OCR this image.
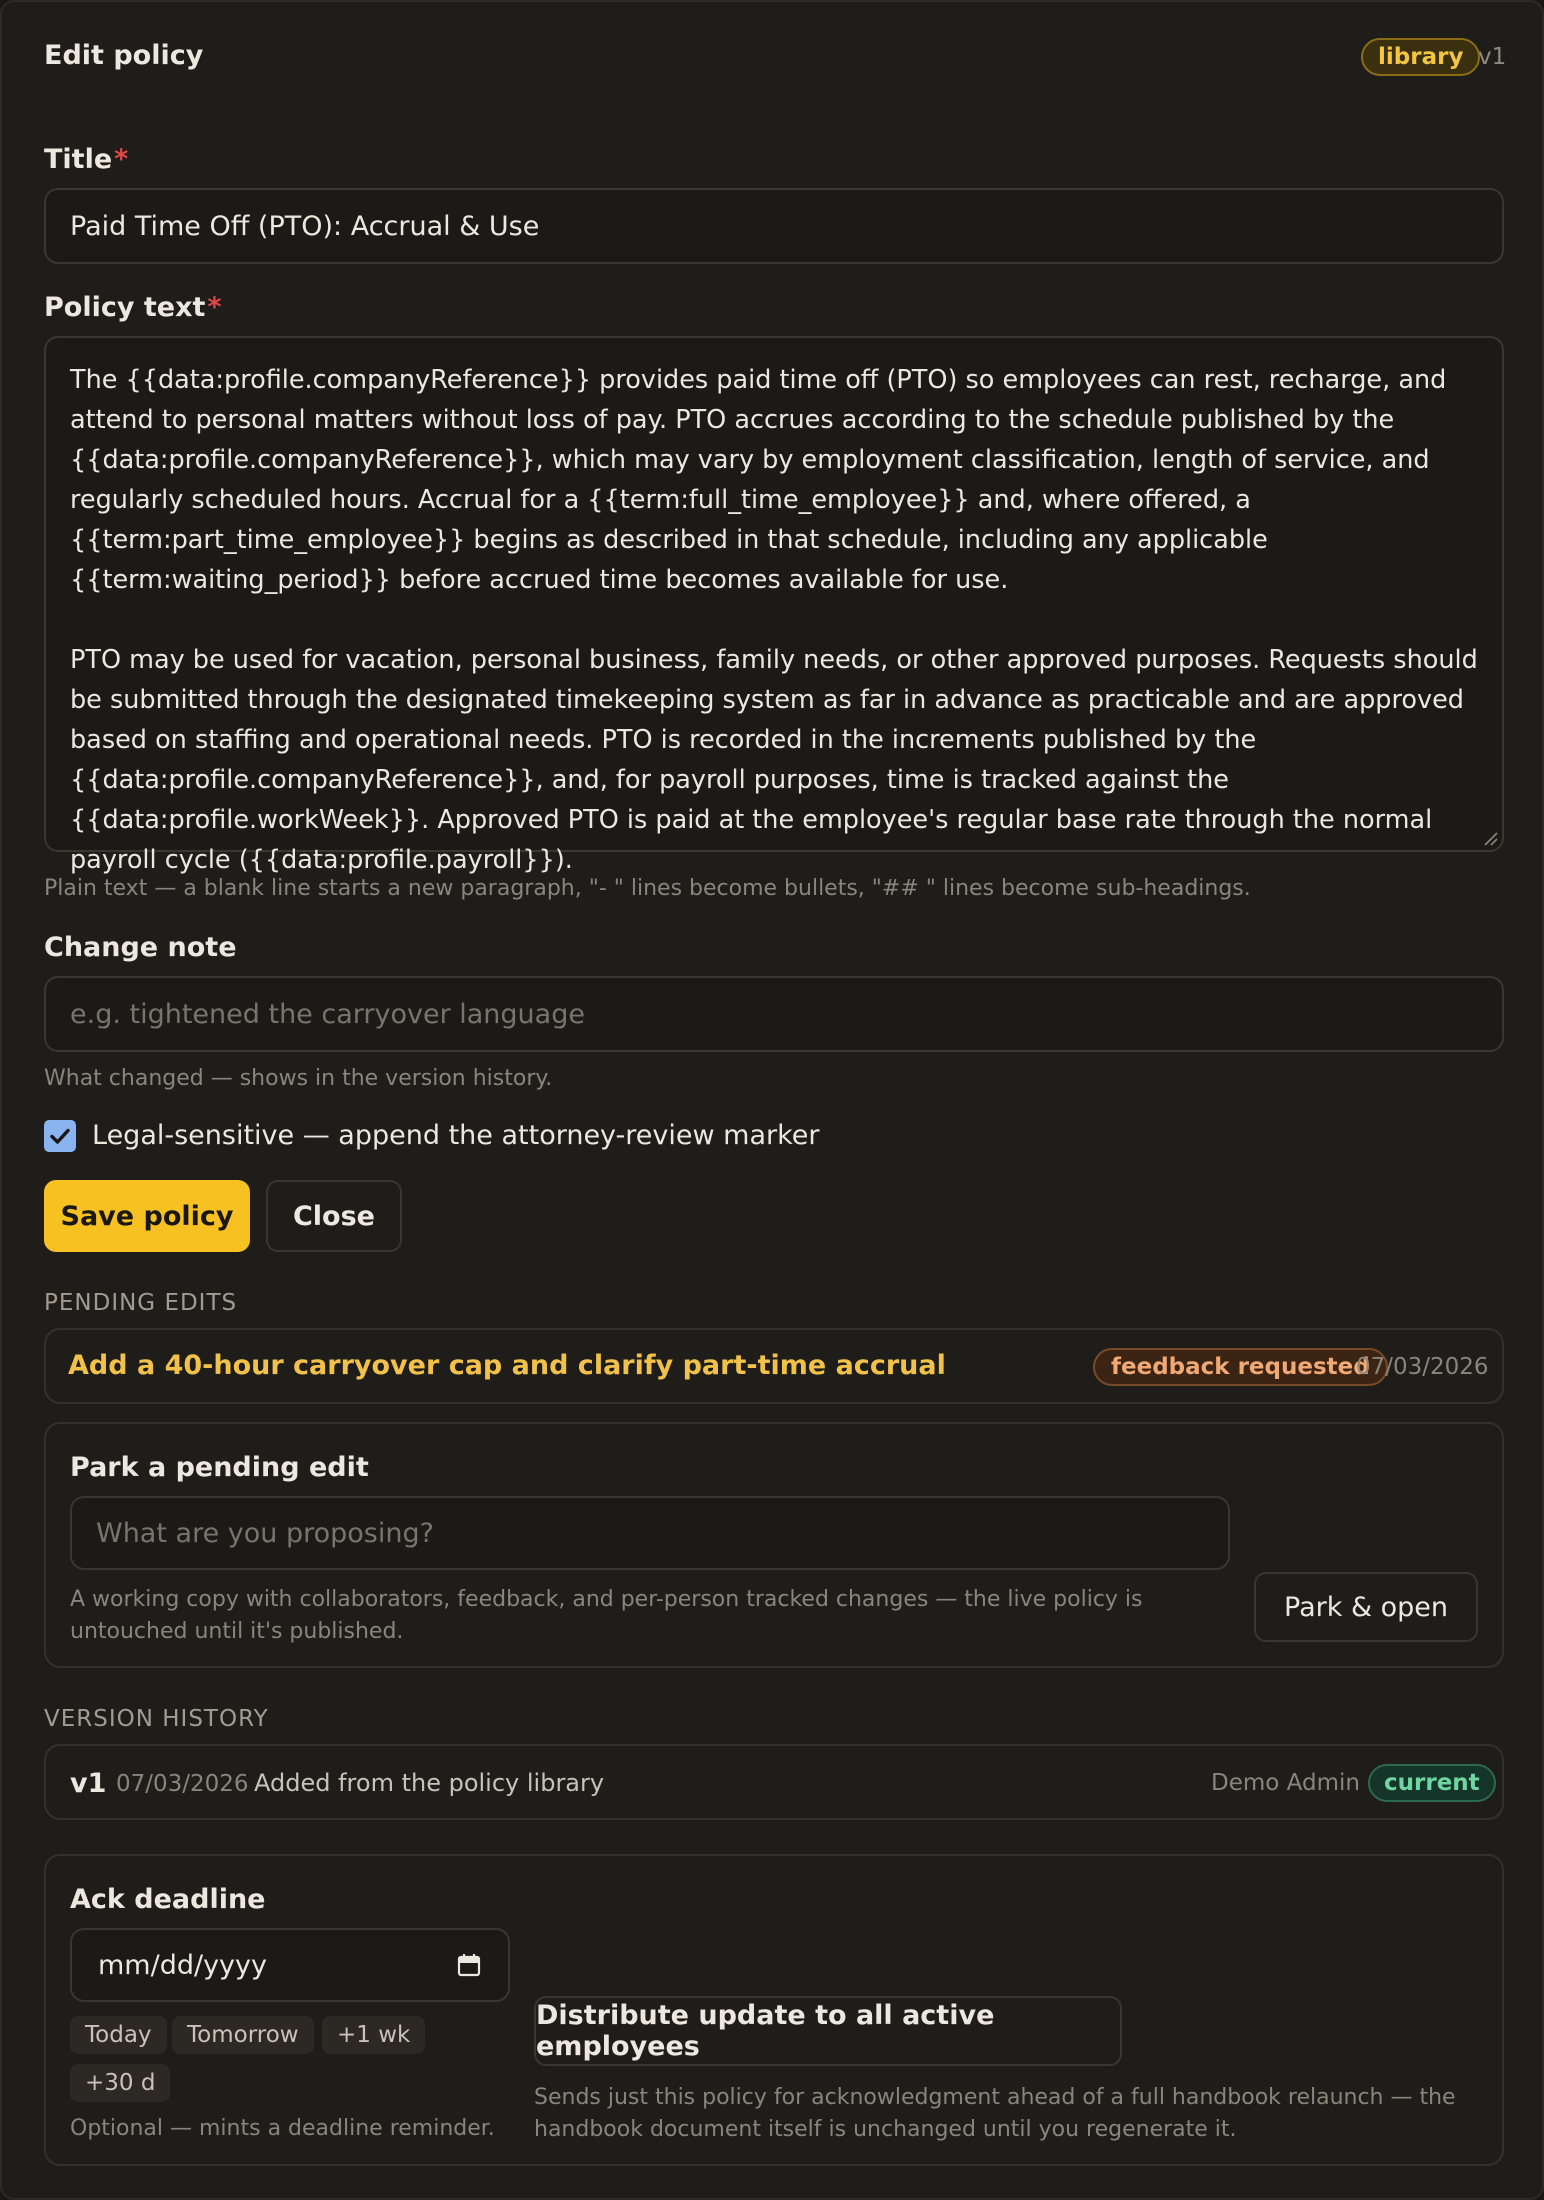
Edit policy	library v1
Title*
Paid Time Off (PTO): Accrual & Use
Policy text*

The {{data:profile.companyReference}} provides paid time off (PTO) so employees can rest, recharge, and attend to personal matters without loss of pay. PTO accrues according to the schedule published by the {{data:profile.companyReference}}, which may vary by employment classification, length of service, and regularly scheduled hours. Accrual for a {{term:full_time_employee}} and, where offered, a {{term:part_time_employee}} begins as described in that schedule, including any applicable {{term:waiting_period}} before accrued time becomes available for use.

PTO may be used for vacation, personal business, family needs, or other approved purposes. Requests should be submitted through the designated timekeeping system as far in advance as practicable and are approved based on staffing and operational needs. PTO is recorded in the increments published by the {{data:profile.companyReference}}, and, for payroll purposes, time is tracked against the {{data:profile.workWeek}}. Approved PTO is paid at the employee's regular base rate through the normal payroll cycle ({{data:profile.payroll}}).

Plain text — a blank line starts a new paragraph, "- " lines become bullets, "## " lines become sub-headings.
Change note
e.g. tightened the carryover language
What changed — shows in the version history.
Legal-sensitive — append the attorney-review marker
Save policy	Close
PENDING EDITS
Add a 40-hour carryover cap and clarify part-time accrual	feedback requested
07/03/2026
Park a pending edit
What are you proposing?
A working copy with collaborators, feedback, and per-person tracked changes — the live policy is untouched until it's published.
Park & open
VERSION HISTORY
v1 07/03/2026 Added from the policy library	Demo Admin	current
Ack deadline
mm/dd/yyyy
Today	Tomorrow	+1 wk
+30 d
Optional — mints a deadline reminder.
Distribute update to all active employees
Sends just this policy for acknowledgment ahead of a full handbook relaunch — the handbook document itself is unchanged until you regenerate it.
